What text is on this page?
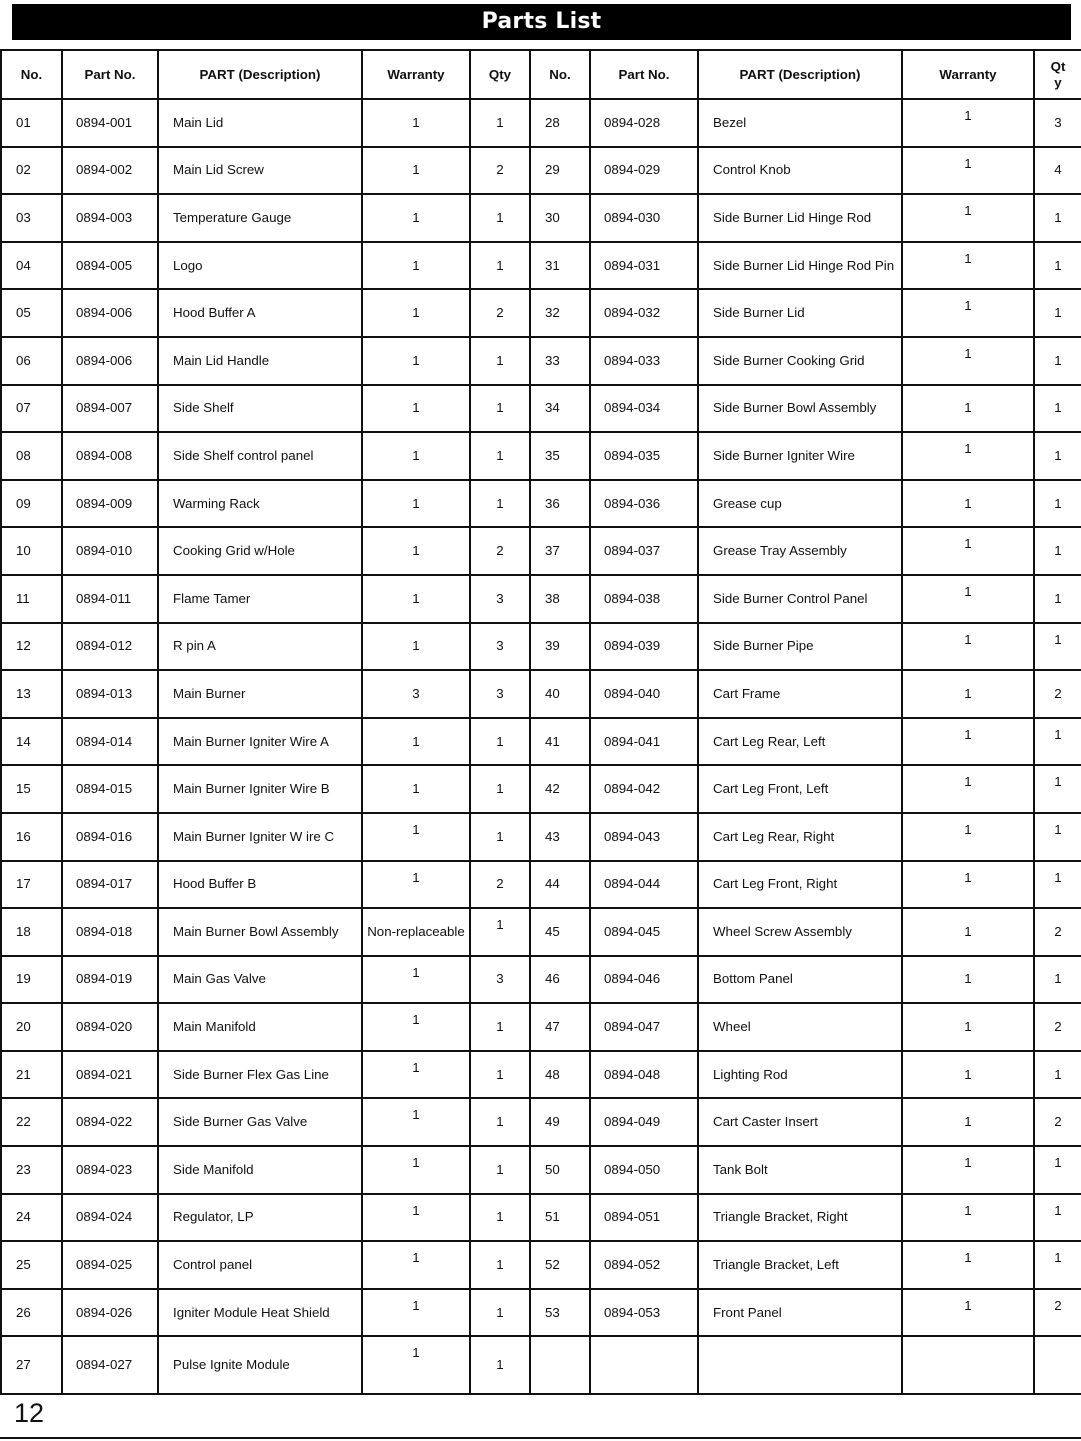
Parts List
No.	Part No.	PART (Description)	Warranty	Qty	No.	Part No.	PART (Description)	Warranty	Qt y
01	0894-001	Main Lid	1	1	28	0894-028	Bezel	1	3
02	0894-002	Main Lid Screw	1	2	29	0894-029	Control Knob	1	4
03	0894-003	Temperature Gauge	1	1	30	0894-030	Side Burner Lid Hinge Rod	1	1
04	0894-005	Logo	1	1	31	0894-031	Side Burner Lid Hinge Rod Pin	1	1
05	0894-006	Hood Buffer A	1	2	32	0894-032	Side Burner Lid	1	1
06	0894-006	Main Lid Handle	1	1	33	0894-033	Side Burner Cooking Grid	1	1
07	0894-007	Side Shelf	1	1	34	0894-034	Side Burner Bowl Assembly	1	1
08	0894-008	Side Shelf control panel	1	1	35	0894-035	Side Burner Igniter Wire	1	1
09	0894-009	Warming Rack	1	1	36	0894-036	Grease cup	1	1
10	0894-010	Cooking Grid w/Hole	1	2	37	0894-037	Grease Tray Assembly	1	1
11	0894-011	Flame Tamer	1	3	38	0894-038	Side Burner Control Panel	1	1
12	0894-012	R pin A	1	3	39	0894-039	Side Burner Pipe	1	1
13	0894-013	Main Burner	3	3	40	0894-040	Cart Frame	1	2
14	0894-014	Main Burner Igniter Wire A	1	1	41	0894-041	Cart Leg Rear, Left	1	1
15	0894-015	Main Burner Igniter Wire B	1	1	42	0894-042	Cart Leg Front, Left	1	1
16	0894-016	Main Burner Igniter W ire C	1	1	43	0894-043	Cart Leg Rear, Right	1	1
17	0894-017	Hood Buffer B	1	2	44	0894-044	Cart Leg Front, Right	1	1
18	0894-018	Main Burner Bowl Assembly	Non-replaceable	1	45	0894-045	Wheel Screw Assembly	1	2
19	0894-019	Main Gas Valve	1	3	46	0894-046	Bottom Panel	1	1
20	0894-020	Main Manifold	1	1	47	0894-047	Wheel	1	2
21	0894-021	Side Burner Flex Gas Line	1	1	48	0894-048	Lighting Rod	1	1
22	0894-022	Side Burner Gas Valve	1	1	49	0894-049	Cart Caster Insert	1	2
23	0894-023	Side Manifold	1	1	50	0894-050	Tank Bolt	1	1
24	0894-024	Regulator, LP	1	1	51	0894-051	Triangle Bracket, Right	1	1
25	0894-025	Control panel	1	1	52	0894-052	Triangle Bracket, Left	1	1
26	0894-026	Igniter Module Heat Shield	1	1	53	0894-053	Front Panel	1	2
27	0894-027	Pulse Ignite Module	1	1					
12
